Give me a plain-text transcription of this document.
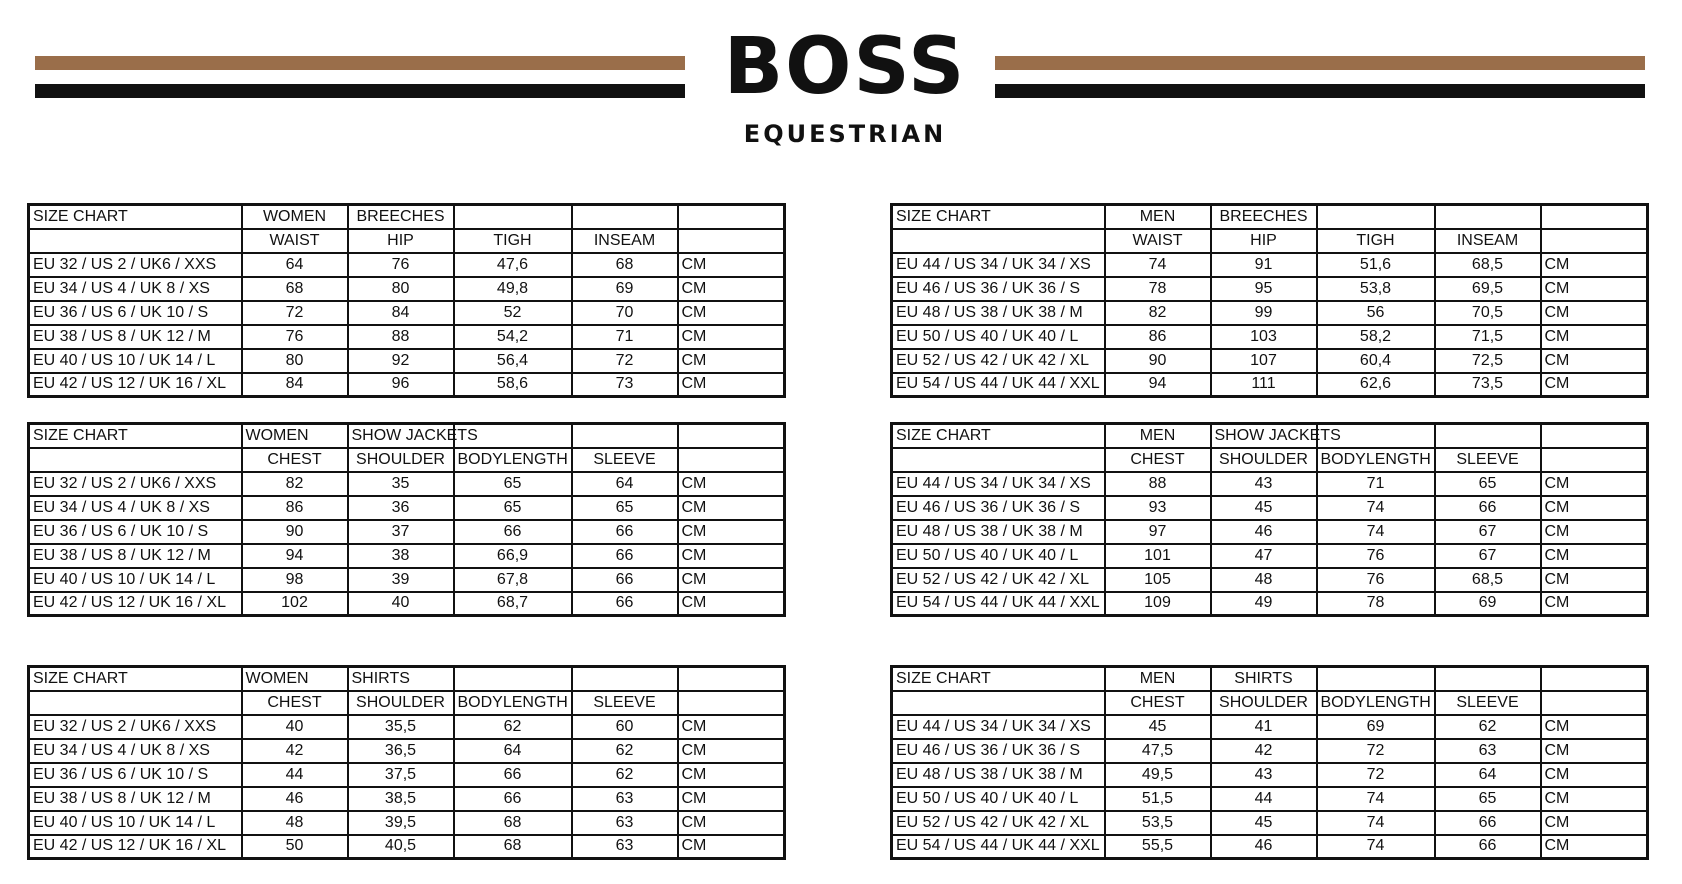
BOSS
EQUESTRIAN
SIZE CHART	WOMEN	BREECHES			
	WAIST	HIP	TIGH	INSEAM	
EU 32 / US 2 / UK6 / XXS	64	76	47,6	68	CM
EU 34 / US 4 / UK 8 / XS	68	80	49,8	69	CM
EU 36 / US 6 / UK 10 / S	72	84	52	70	CM
EU 38 / US 8 / UK 12 / M	76	88	54,2	71	CM
EU 40 / US 10 / UK 14 / L	80	92	56,4	72	CM
EU 42 / US 12 / UK 16 / XL	84	96	58,6	73	CM
SIZE CHART	MEN	BREECHES			
	WAIST	HIP	TIGH	INSEAM	
EU 44 / US 34 / UK 34 / XS	74	91	51,6	68,5	CM
EU 46 / US 36 / UK 36 / S	78	95	53,8	69,5	CM
EU 48 / US 38 / UK 38 / M	82	99	56	70,5	CM
EU 50 / US 40 / UK 40 / L	86	103	58,2	71,5	CM
EU 52 / US 42 / UK 42 / XL	90	107	60,4	72,5	CM
EU 54 / US 44 / UK 44 / XXL	94	111	62,6	73,5	CM
SIZE CHART	WOMEN	SHOW JACKETS			
	CHEST	SHOULDER	BODYLENGTH	SLEEVE	
EU 32 / US 2 / UK6 / XXS	82	35	65	64	CM
EU 34 / US 4 / UK 8 / XS	86	36	65	65	CM
EU 36 / US 6 / UK 10 / S	90	37	66	66	CM
EU 38 / US 8 / UK 12 / M	94	38	66,9	66	CM
EU 40 / US 10 / UK 14 / L	98	39	67,8	66	CM
EU 42 / US 12 / UK 16 / XL	102	40	68,7	66	CM
SIZE CHART	MEN	SHOW JACKETS			
	CHEST	SHOULDER	BODYLENGTH	SLEEVE	
EU 44 / US 34 / UK 34 / XS	88	43	71	65	CM
EU 46 / US 36 / UK 36 / S	93	45	74	66	CM
EU 48 / US 38 / UK 38 / M	97	46	74	67	CM
EU 50 / US 40 / UK 40 / L	101	47	76	67	CM
EU 52 / US 42 / UK 42 / XL	105	48	76	68,5	CM
EU 54 / US 44 / UK 44 / XXL	109	49	78	69	CM
SIZE CHART	WOMEN	SHIRTS			
	CHEST	SHOULDER	BODYLENGTH	SLEEVE	
EU 32 / US 2 / UK6 / XXS	40	35,5	62	60	CM
EU 34 / US 4 / UK 8 / XS	42	36,5	64	62	CM
EU 36 / US 6 / UK 10 / S	44	37,5	66	62	CM
EU 38 / US 8 / UK 12 / M	46	38,5	66	63	CM
EU 40 / US 10 / UK 14 / L	48	39,5	68	63	CM
EU 42 / US 12 / UK 16 / XL	50	40,5	68	63	CM
SIZE CHART	MEN	SHIRTS			
	CHEST	SHOULDER	BODYLENGTH	SLEEVE	
EU 44 / US 34 / UK 34 / XS	45	41	69	62	CM
EU 46 / US 36 / UK 36 / S	47,5	42	72	63	CM
EU 48 / US 38 / UK 38 / M	49,5	43	72	64	CM
EU 50 / US 40 / UK 40 / L	51,5	44	74	65	CM
EU 52 / US 42 / UK 42 / XL	53,5	45	74	66	CM
EU 54 / US 44 / UK 44 / XXL	55,5	46	74	66	CM
